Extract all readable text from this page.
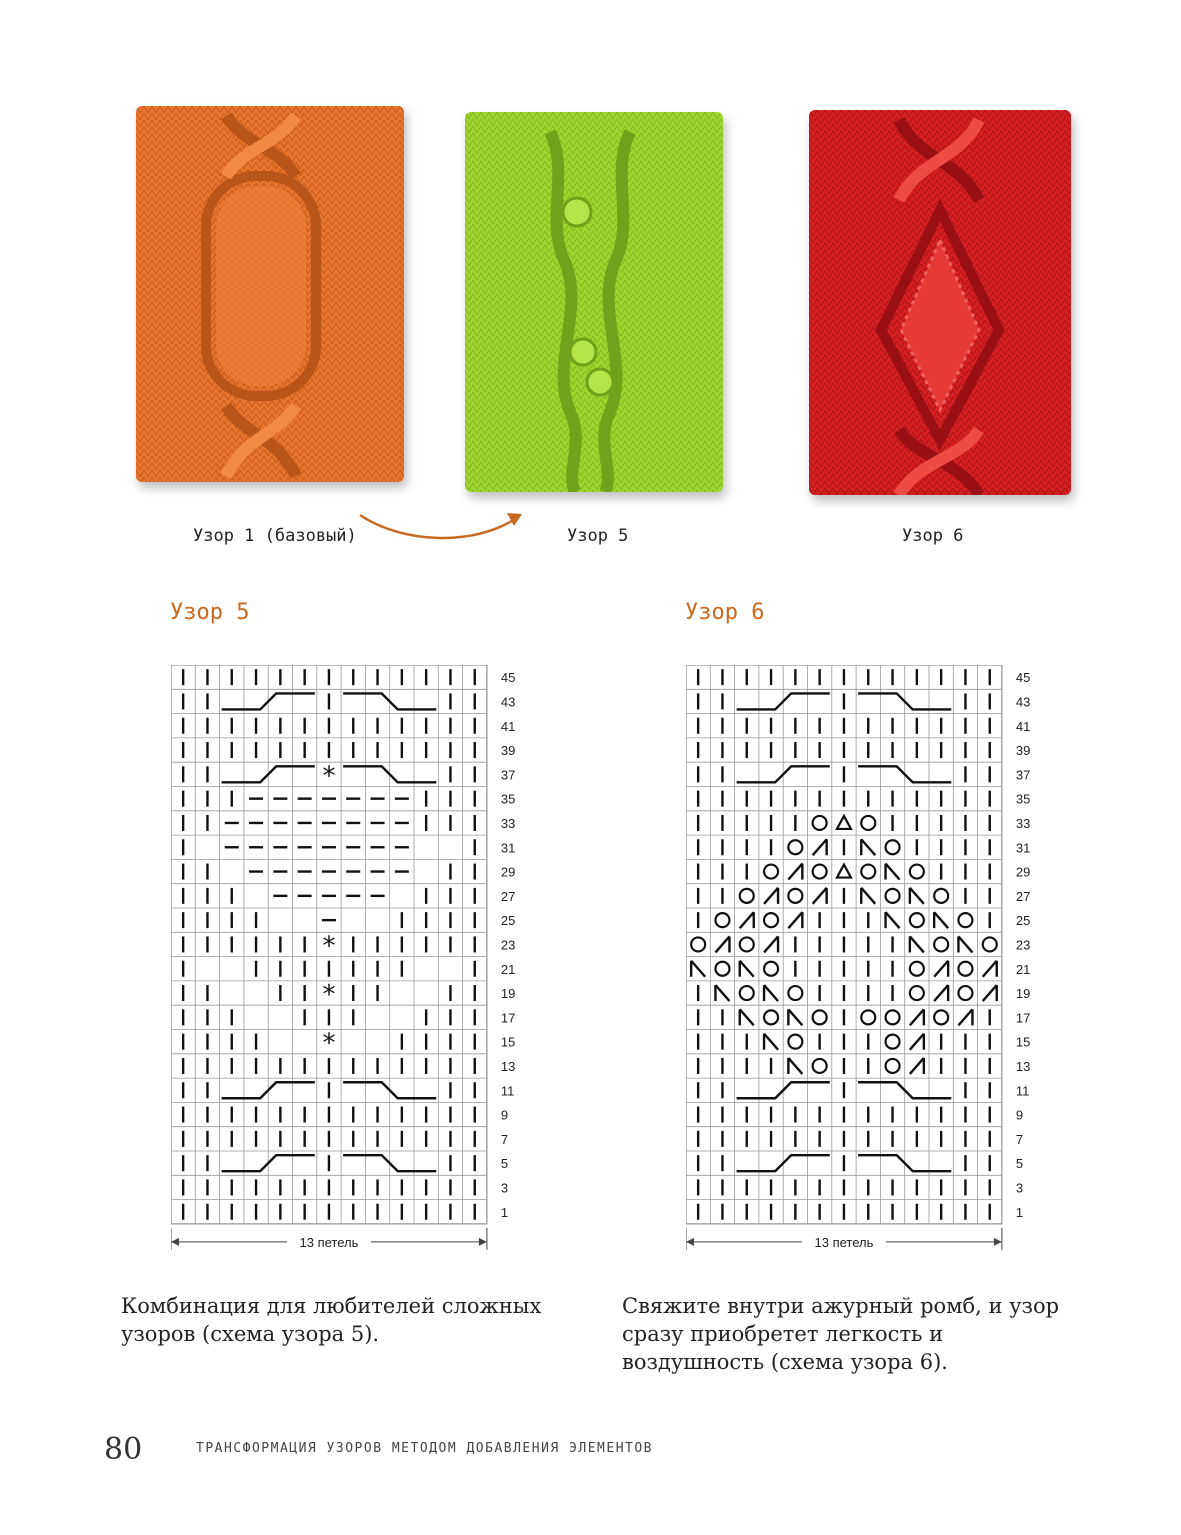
Узор 1 (базовый)	Узор 5	Узор 6
Узор 5	Узор 6
*
*
*
*
45
43
41
39
37
35
33
31
29
27
25
23
21
19
17
15
13
11
9
7
5
3
1
13 петель
45
43
41
39
37
35
33
31
29
27
25
23
21
19
17
15
13
11
9
7
5
3
1
13 петель
Комбинация для любителей сложных узоров (схема узора 5).
Свяжите внутри ажурный ромб, и узор сразу приобретет легкость и воздушность (схема узора 6).
80	ТРАНСФОРМАЦИЯ УЗОРОВ МЕТОДОМ ДОБАВЛЕНИЯ ЭЛЕМЕНТОВ
